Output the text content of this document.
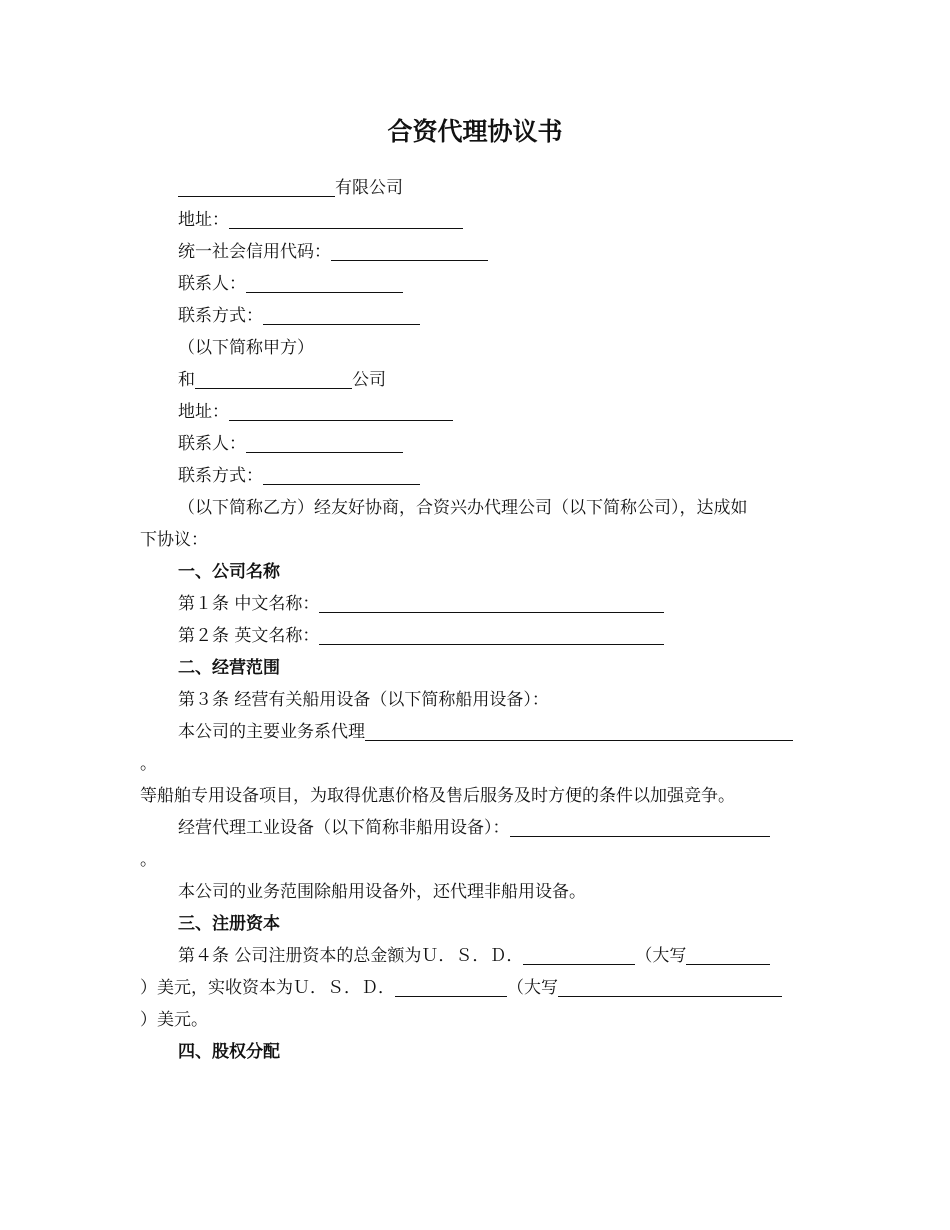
合资代理协议书
有限公司
地址：
统一社会信用代码：
联系人：
联系方式：
（以下简称甲方）
和	公司
地址：
联系人：
联系方式：
（以下简称乙方）经友好协商，合资兴办代理公司（以下简称公司），达成如
下协议：
一、公司名称
第１条 中文名称：
第２条 英文名称：
二、经营范围
第３条 经营有关船用设备（以下简称船用设备）：
本公司的主要业务系代理
。
等船舶专用设备项目，为取得优惠价格及售后服务及时方便的条件以加强竞争。
经营代理工业设备（以下简称非船用设备）：
。
本公司的业务范围除船用设备外，还代理非船用设备。
三、注册资本
第４条 公司注册资本的总金额为Ｕ．Ｓ．Ｄ．	（大写
）美元，实收资本为Ｕ．Ｓ．Ｄ．	（大写
）美元。
四、股权分配
